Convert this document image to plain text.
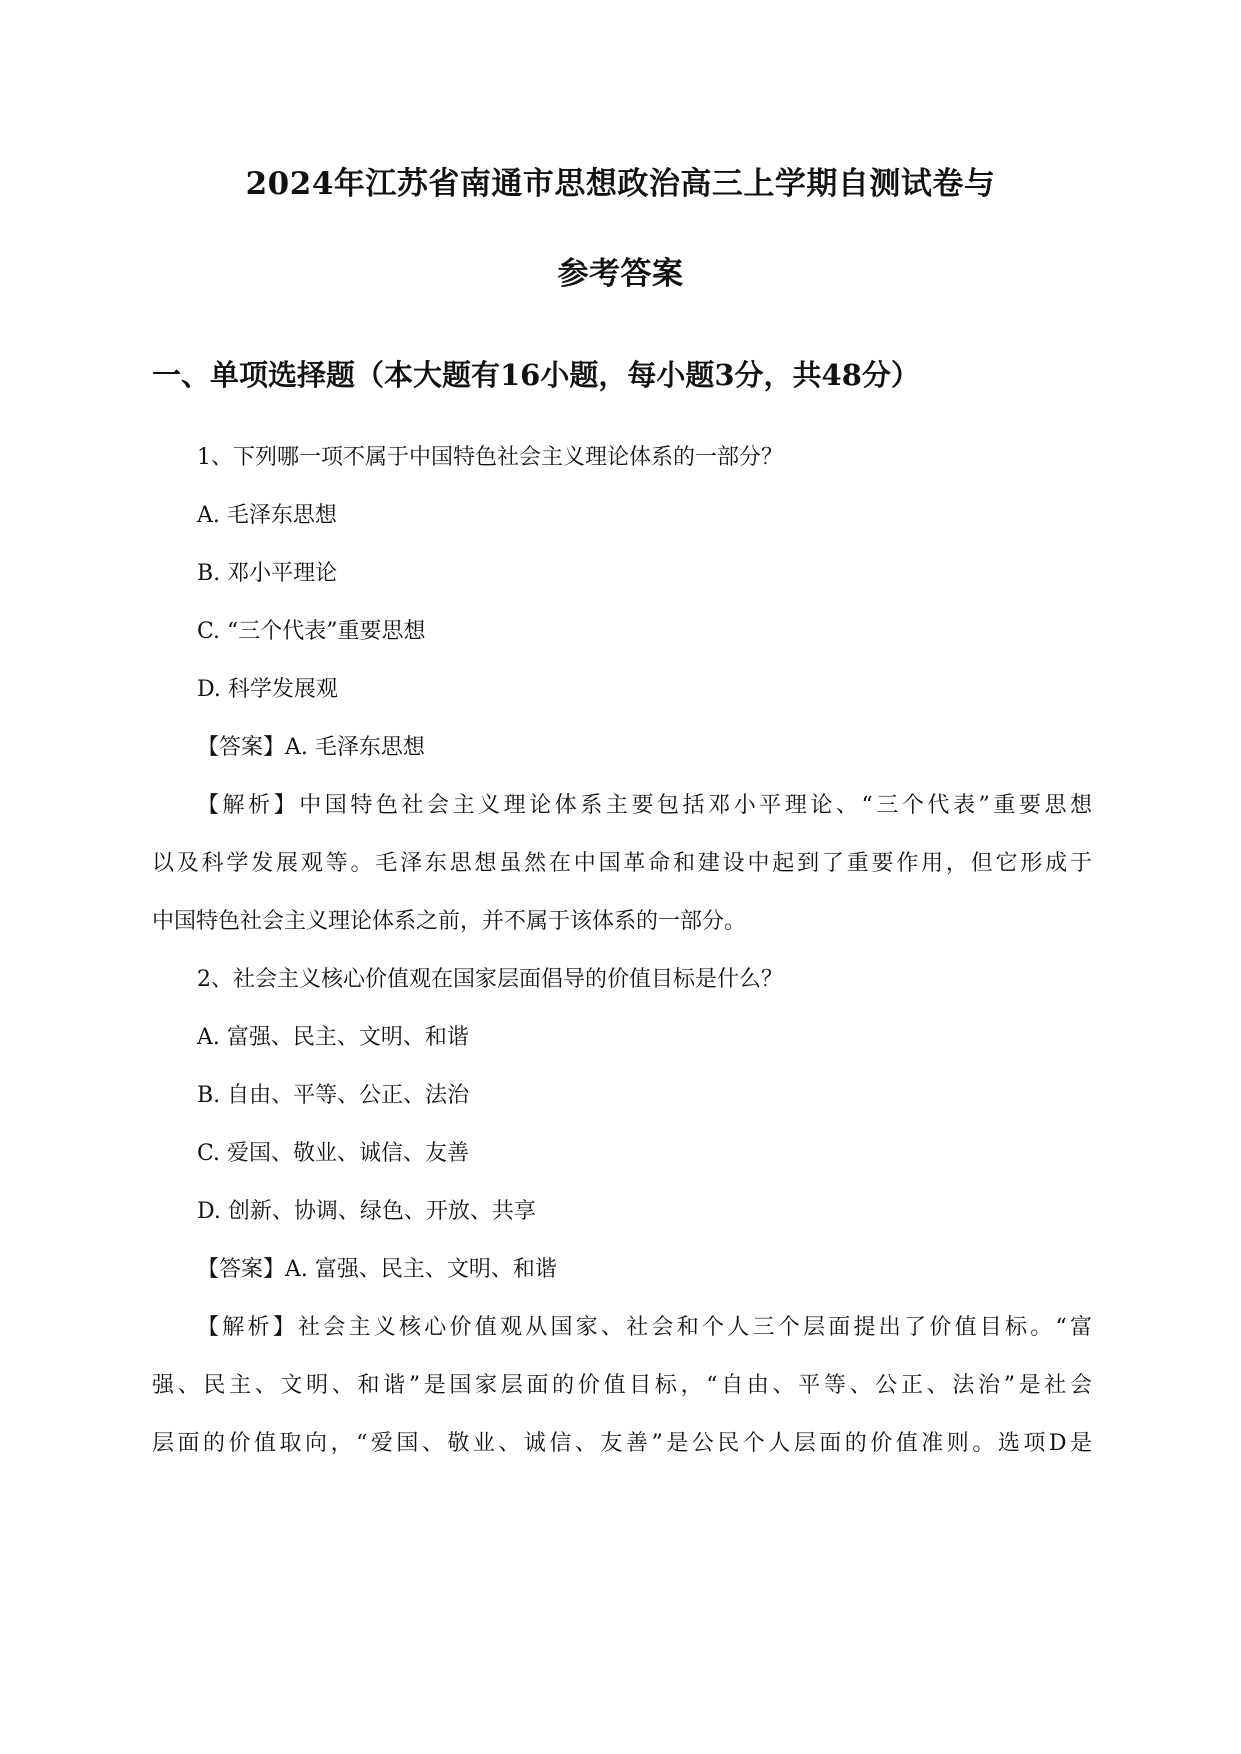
2024年江苏省南通市思想政治高三上学期自测试卷与
参考答案
一、单项选择题（本大题有16小题，每小题3分，共48分）
1、下列哪一项不属于中国特色社会主义理论体系的一部分？
A. 毛泽东思想
B. 邓小平理论
C. “三个代表”重要思想
D. 科学发展观
【答案】A. 毛泽东思想
【解析】中国特色社会主义理论体系主要包括邓小平理论、“三个代表”重要思想
以及科学发展观等。毛泽东思想虽然在中国革命和建设中起到了重要作用，但它形成于
中国特色社会主义理论体系之前，并不属于该体系的一部分。
2、社会主义核心价值观在国家层面倡导的价值目标是什么？
A. 富强、民主、文明、和谐
B. 自由、平等、公正、法治
C. 爱国、敬业、诚信、友善
D. 创新、协调、绿色、开放、共享
【答案】A. 富强、民主、文明、和谐
【解析】社会主义核心价值观从国家、社会和个人三个层面提出了价值目标。“富
强、民主、文明、和谐”是国家层面的价值目标，“自由、平等、公正、法治”是社会
层面的价值取向，“爱国、敬业、诚信、友善”是公民个人层面的价值准则。选项D是
